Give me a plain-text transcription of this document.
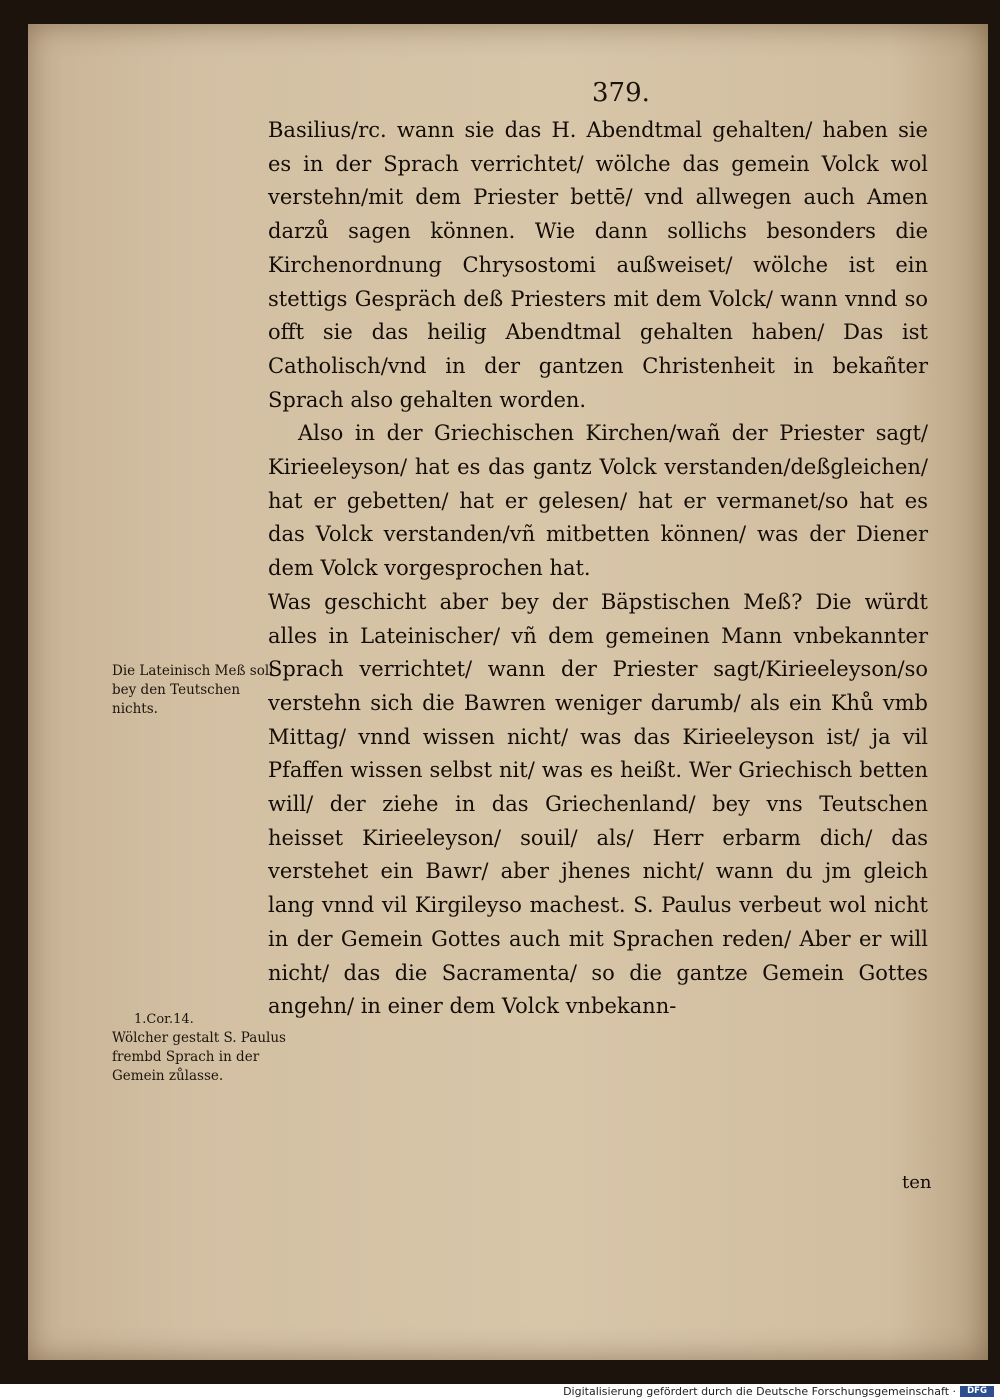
379.

Basilius/rc. wann sie das H. Abendtmal gehalten/ haben sie es in der Sprach verrichtet/ wölche das gemein Volck wol verstehn/mit dem Priester bettē/ vnd allwegen auch Amen darzů sagen können. Wie dann sollichs besonders die Kirchenordnung Chrysostomi außweiset/ wölche ist ein stettigs Gespräch deß Priesters mit dem Volck/ wann vnnd so offt sie das heilig Abendtmal gehalten haben/ Das ist Catholisch/vnd in der gantzen Christenheit in bekañter Sprach also gehalten worden.

Also in der Griechischen Kirchen/wañ der Priester sagt/ Kirieeleyson/ hat es das gantz Volck verstanden/deßgleichen/ hat er gebetten/ hat er gelesen/ hat er vermanet/so hat es das Volck verstanden/vñ mitbetten können/ was der Diener dem Volck vorgesprochen hat.

Was geschicht aber bey der Bäpstischen Meß? Die würdt alles in Lateinischer/ vñ dem gemeinen Mann vnbekannter Sprach verrichtet/ wann der Priester sagt/Kirieeleyson/so verstehn sich die Bawren weniger darumb/ als ein Khů vmb Mittag/ vnnd wissen nicht/ was das Kirieeleyson ist/ ja vil Pfaffen wissen selbst nit/ was es heißt. Wer Griechisch betten will/ der ziehe in das Griechenland/ bey vns Teutschen heisset Kirieeleyson/ souil/ als/ Herr erbarm dich/ das verstehet ein Bawr/ aber jhenes nicht/ wann du jm gleich lang vnnd vil Kirgileyso machest. S. Paulus verbeut wol nicht in der Gemein Gottes auch mit Sprachen reden/ Aber er will nicht/ das die Sacramenta/ so die gantze Gemein Gottes angehn/ in einer dem Volck vnbekann-

ten
Die Lateinisch Meß soll bey den Teutschen nichts.
1.Cor.14.
Wölcher gestalt S. Paulus frembd Sprach in der Gemein zůlasse.
Digitalisierung gefördert durch die Deutsche Forschungsgemeinschaft ·	DFG
